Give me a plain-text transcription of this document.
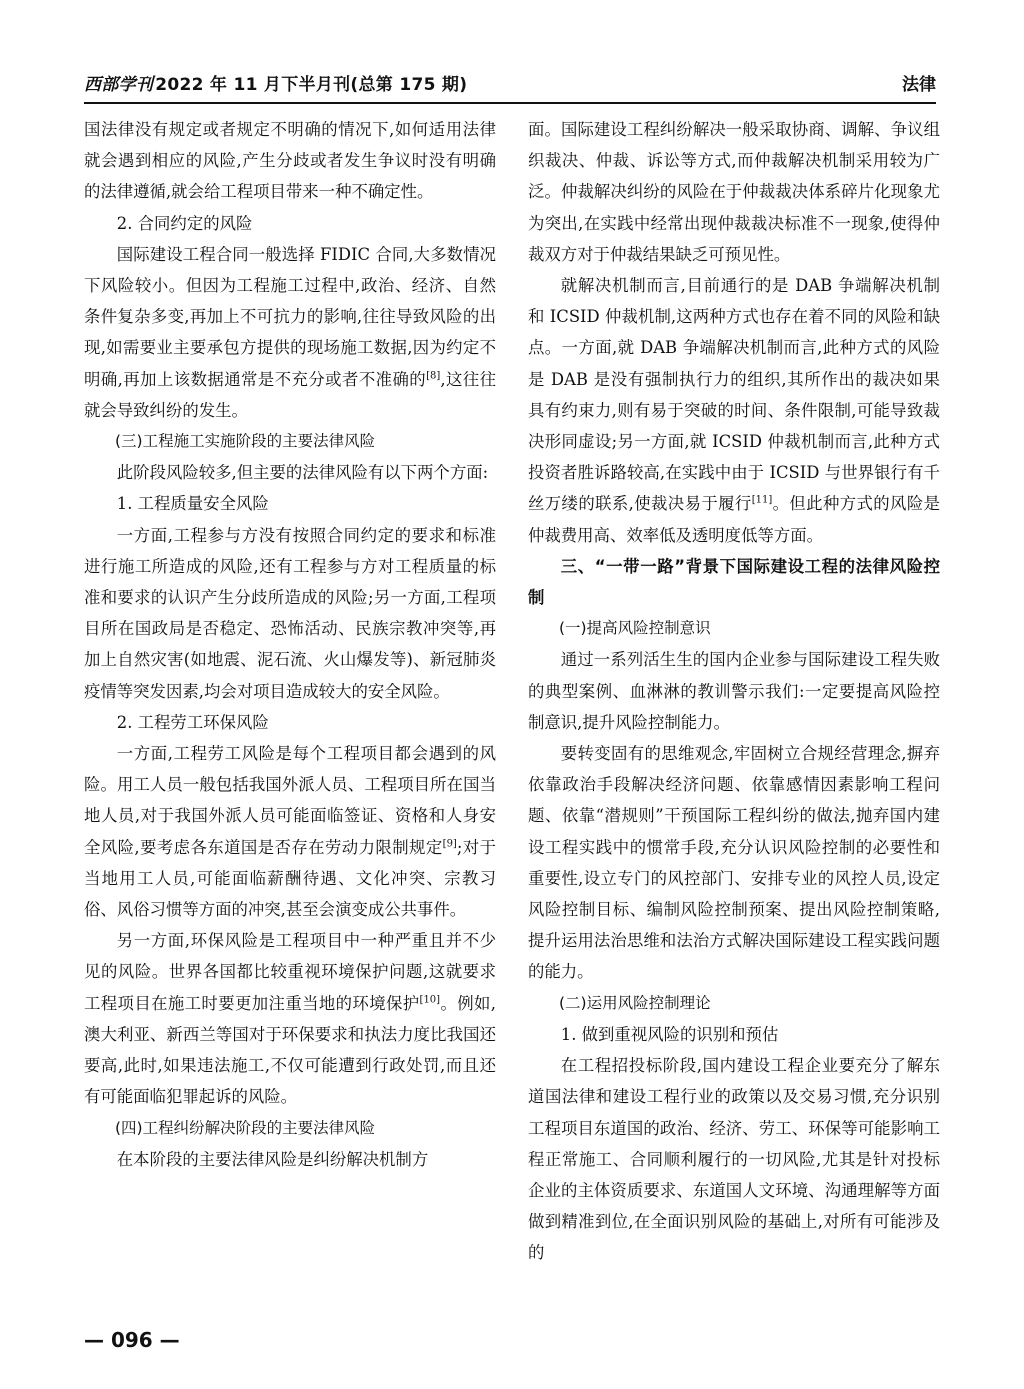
西部学刊 2022 年 11 月下半月刊(总第 175 期)	法律

国法律没有规定或者规定不明确的情况下,如何适用法律就会遇到相应的风险,产生分歧或者发生争议时没有明确的法律遵循,就会给工程项目带来一种不确定性。

2. 合同约定的风险

国际建设工程合同一般选择 FIDIC 合同,大多数情况下风险较小。但因为工程施工过程中,政治、经济、自然条件复杂多变,再加上不可抗力的影响,往往导致风险的出现,如需要业主要承包方提供的现场施工数据,因为约定不明确,再加上该数据通常是不充分或者不准确的[8],这往往就会导致纠纷的发生。

(三)工程施工实施阶段的主要法律风险

此阶段风险较多,但主要的法律风险有以下两个方面:

1. 工程质量安全风险

一方面,工程参与方没有按照合同约定的要求和标准进行施工所造成的风险,还有工程参与方对工程质量的标准和要求的认识产生分歧所造成的风险;另一方面,工程项目所在国政局是否稳定、恐怖活动、民族宗教冲突等,再加上自然灾害(如地震、泥石流、火山爆发等)、新冠肺炎疫情等突发因素,均会对项目造成较大的安全风险。

2. 工程劳工环保风险

一方面,工程劳工风险是每个工程项目都会遇到的风险。用工人员一般包括我国外派人员、工程项目所在国当地人员,对于我国外派人员可能面临签证、资格和人身安全风险,要考虑各东道国是否存在劳动力限制规定[9];对于当地用工人员,可能面临薪酬待遇、文化冲突、宗教习俗、风俗习惯等方面的冲突,甚至会演变成公共事件。

另一方面,环保风险是工程项目中一种严重且并不少见的风险。世界各国都比较重视环境保护问题,这就要求工程项目在施工时要更加注重当地的环境保护[10]。例如,澳大利亚、新西兰等国对于环保要求和执法力度比我国还要高,此时,如果违法施工,不仅可能遭到行政处罚,而且还有可能面临犯罪起诉的风险。

(四)工程纠纷解决阶段的主要法律风险

在本阶段的主要法律风险是纠纷解决机制方

面。国际建设工程纠纷解决一般采取协商、调解、争议组织裁决、仲裁、诉讼等方式,而仲裁解决机制采用较为广泛。仲裁解决纠纷的风险在于仲裁裁决体系碎片化现象尤为突出,在实践中经常出现仲裁裁决标准不一现象,使得仲裁双方对于仲裁结果缺乏可预见性。

就解决机制而言,目前通行的是 DAB 争端解决机制和 ICSID 仲裁机制,这两种方式也存在着不同的风险和缺点。一方面,就 DAB 争端解决机制而言,此种方式的风险是 DAB 是没有强制执行力的组织,其所作出的裁决如果具有约束力,则有易于突破的时间、条件限制,可能导致裁决形同虚设;另一方面,就 ICSID 仲裁机制而言,此种方式投资者胜诉路较高,在实践中由于 ICSID 与世界银行有千丝万缕的联系,使裁决易于履行[11]。但此种方式的风险是仲裁费用高、效率低及透明度低等方面。

三、“一带一路”背景下国际建设工程的法律风险控制

(一)提高风险控制意识

通过一系列活生生的国内企业参与国际建设工程失败的典型案例、血淋淋的教训警示我们:一定要提高风险控制意识,提升风险控制能力。

要转变固有的思维观念,牢固树立合规经营理念,摒弃依靠政治手段解决经济问题、依靠感情因素影响工程问题、依靠“潜规则”干预国际工程纠纷的做法,抛弃国内建设工程实践中的惯常手段,充分认识风险控制的必要性和重要性,设立专门的风控部门、安排专业的风控人员,设定风险控制目标、编制风险控制预案、提出风险控制策略,提升运用法治思维和法治方式解决国际建设工程实践问题的能力。

(二)运用风险控制理论

1. 做到重视风险的识别和预估

在工程招投标阶段,国内建设工程企业要充分了解东道国法律和建设工程行业的政策以及交易习惯,充分识别工程项目东道国的政治、经济、劳工、环保等可能影响工程正常施工、合同顺利履行的一切风险,尤其是针对投标企业的主体资质要求、东道国人文环境、沟通理解等方面做到精准到位,在全面识别风险的基础上,对所有可能涉及的

— 096 —
